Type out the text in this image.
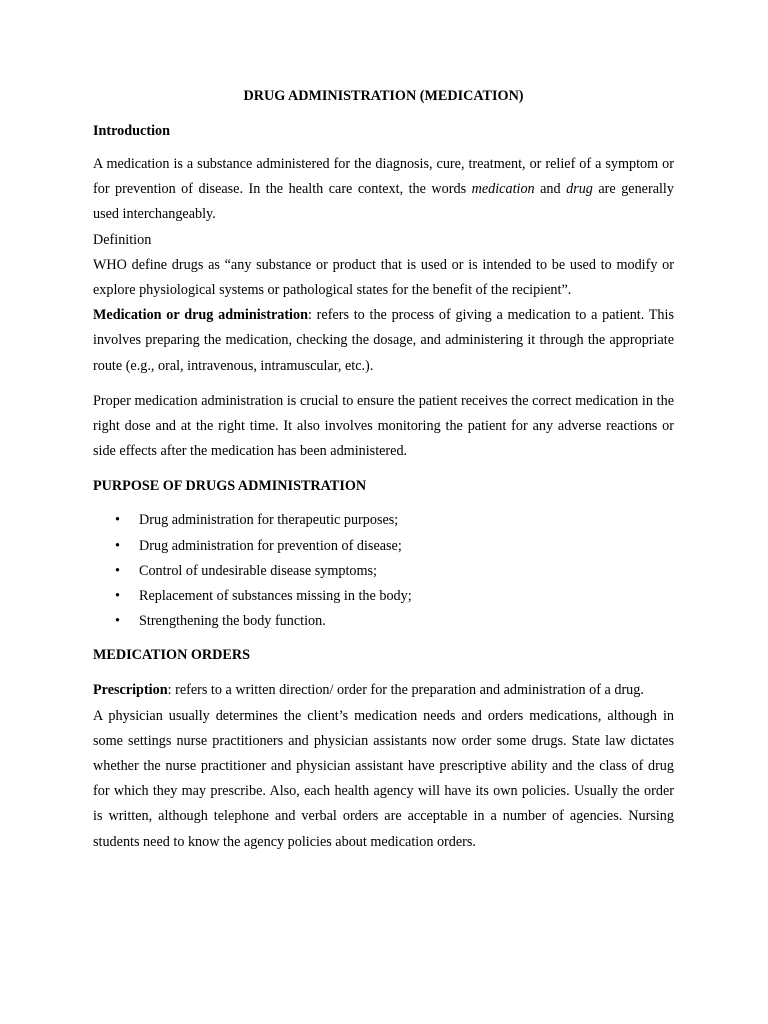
DRUG ADMINISTRATION (MEDICATION)

Introduction

A medication is a substance administered for the diagnosis, cure, treatment, or relief of a symptom or for prevention of disease. In the health care context, the words medication and drug are generally used interchangeably.

Definition

WHO define drugs as “any substance or product that is used or is intended to be used to modify or explore physiological systems or pathological states for the benefit of the recipient”.

Medication or drug administration: refers to the process of giving a medication to a patient. This involves preparing the medication, checking the dosage, and administering it through the appropriate route (e.g., oral, intravenous, intramuscular, etc.).

Proper medication administration is crucial to ensure the patient receives the correct medication in the right dose and at the right time. It also involves monitoring the patient for any adverse reactions or side effects after the medication has been administered.

PURPOSE OF DRUGS ADMINISTRATION

• Drug administration for therapeutic purposes;
• Drug administration for prevention of disease;
• Control of undesirable disease symptoms;
• Replacement of substances missing in the body;
• Strengthening the body function.

MEDICATION ORDERS

Prescription: refers to a written direction/ order for the preparation and administration of a drug.

A physician usually determines the client’s medication needs and orders medications, although in some settings nurse practitioners and physician assistants now order some drugs. State law dictates whether the nurse practitioner and physician assistant have prescriptive ability and the class of drug for which they may prescribe. Also, each health agency will have its own policies. Usually the order is written, although telephone and verbal orders are acceptable in a number of agencies. Nursing students need to know the agency policies about medication orders.
